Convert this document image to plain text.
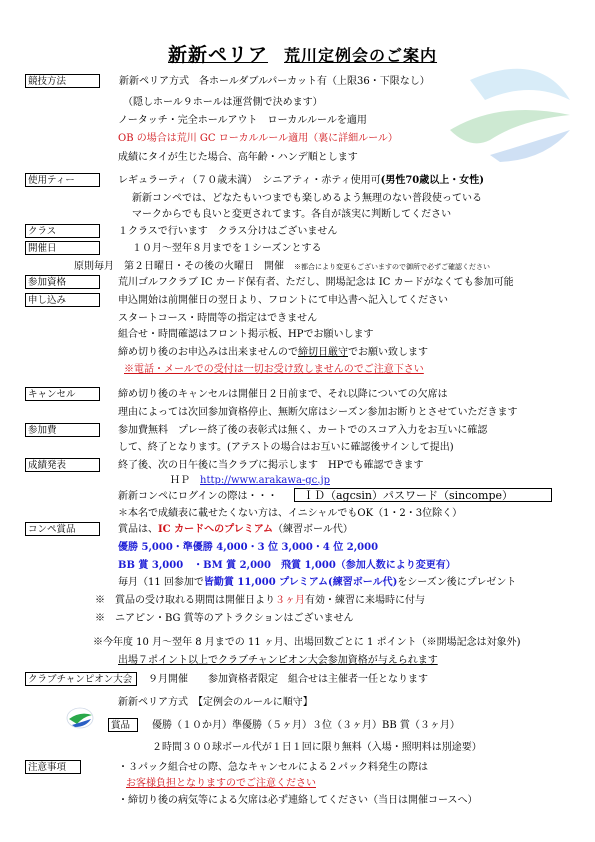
新新ペリア 荒川定例会のご案内
競技方法
使用ティー
クラス
開催日
参加資格
申し込み
キャンセル
参加費
成績発表
コンペ賞品
クラブチャンピオン大会
賞品
注意事項
新新ペリア方式　各ホールダブルパーカット有（上限36・下限なし）
（隠しホール９ホールは運営側で決めます）
ノータッチ・完全ホールアウト　ローカルルールを適用
OB の場合は荒川 GC ローカルルール適用（裏に詳細ルール）
成績にタイが生じた場合、高年齢・ハンデ順とします
レギュラーティ（７０歳未満）　シニアティ・赤ティ使用可(男性70歳以上・女性)
新新コンペでは、どなたもいつまでも楽しめるよう無理のない普段使っている
マークからでも良いと変更されてます。各自が該実に判断してください
１クラスで行います　クラス分けはございません
１０月～翌年８月までを１シーズンとする
原則毎月　第２日曜日・その後の火曜日　開催　 ※都合により変更もございますので御所で必ずご確認ください
荒川ゴルフクラブ IC カード保有者、ただし、開場記念は IC カードがなくても参加可能
申込開始は前開催日の翌日より、フロントにて申込書へ記入してください
スタートコース・時間等の指定はできません
組合せ・時間確認はフロント掲示板、HPでお願いします
締め切り後のお申込みは出来ませんので締切日厳守でお願い致します
※電話・メールでの受付は一切お受け致しませんのでご注意下さい
締め切り後のキャンセルは開催日２日前まで、それ以降についての欠席は
理由によっては次回参加資格停止、無断欠席はシーズン参加お断りとさせていただきます
参加費無料　プレー終了後の表彰式は無く、カートでのスコア入力をお互いに確認
して、終了となります。(アテストの場合はお互いに確認後サインして提出)
終了後、次の日午後に当クラブに掲示します　HPでも確認できます
ＨＰ　 http://www.arakawa-gc.jp
新新コンペにログインの際は・・・	ＩＤ（agcsin）パスワード（sincompe）
＊本名で成績表に載せたくない方は、イニシャルでもOK（1・2・3位除く）
賞品は、IC カードへのプレミアム（練習ボール代）
優勝 5,000・準優勝 4,000・3 位 3,000・4 位 2,000
BB 賞 3,000　・BM 賞 2,000　飛賞 1,000（参加人数により変更有）
毎月（11 回参加で皆勤賞 11,000 プレミアム(練習ボール代)をシーズン後にプレゼント
※　賞品の受け取れる期間は開催日より３ヶ月有効・練習に来場時に付与
※　ニアピン・BG 賞等のアトラクションはございません
※今年度 10 月～翌年 8 月までの 11 ヶ月、出場回数ごとに 1 ポイント（※開場記念は対象外)
出場７ポイント以上でクラブチャンピオン大会参加資格が与えられます
９月開催　　参加資格者限定　組合せは主催者一任となります
新新ペリア方式　【定例会のルールに順守】
優勝（１０か月）準優勝（５ヶ月）３位（３ヶ月）BB 賞（３ヶ月）
２時間３００球ボール代が１日１回に限り無料（入場・照明料は別途要）
・３パック組合せの際、急なキャンセルによる２パック料発生の際は
お客様負担となりますのでご注意ください
・締切り後の病気等による欠席は必ず連絡してください（当日は開催コースへ）
